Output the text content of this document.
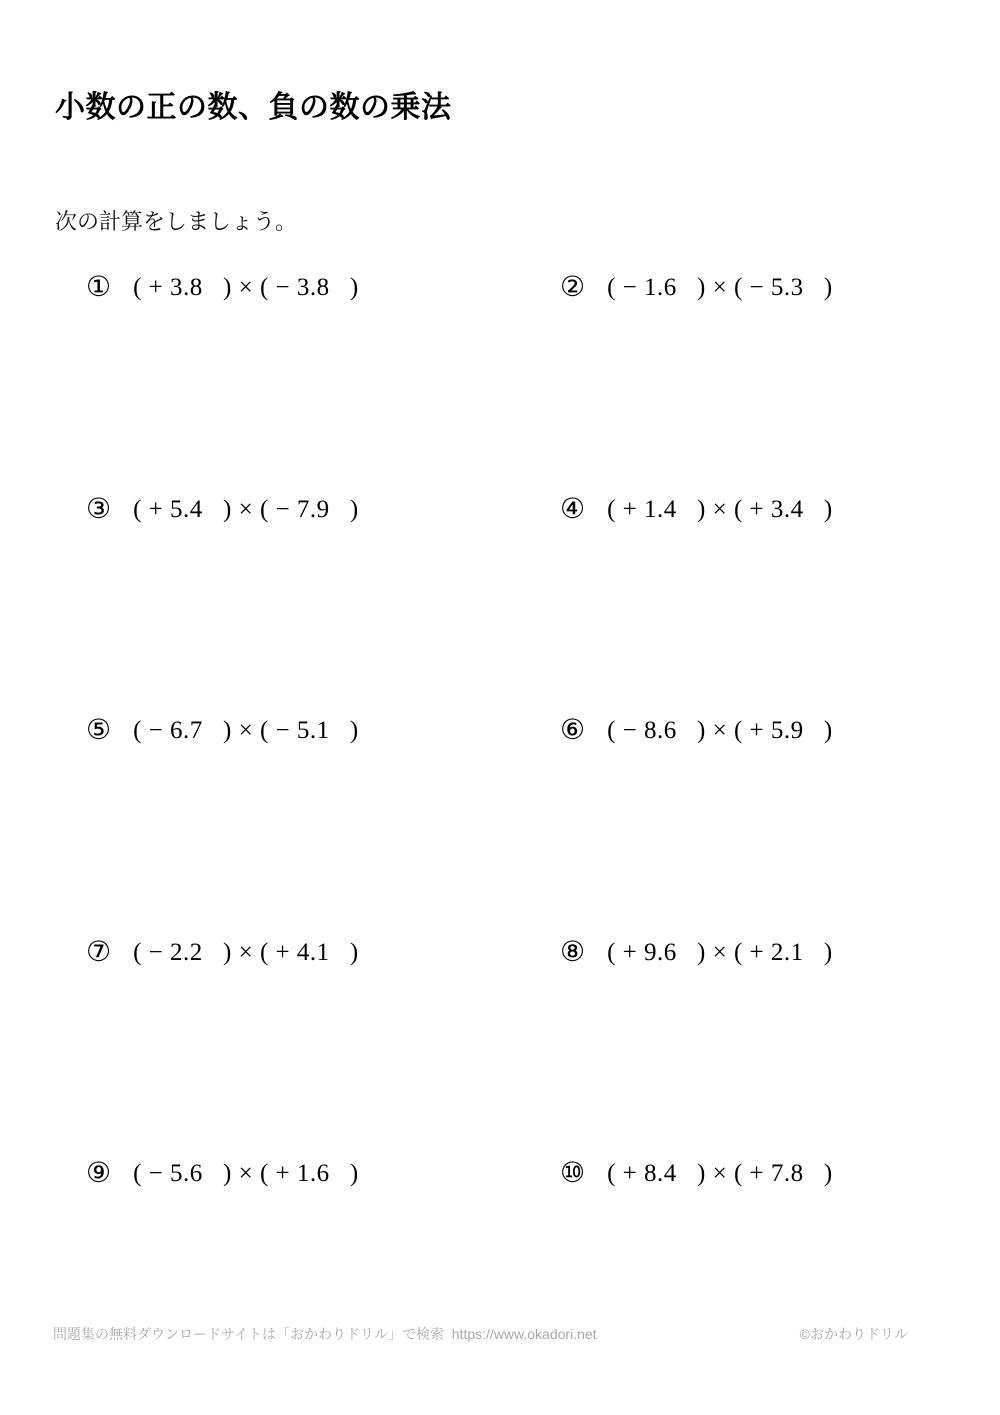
小数の正の数、負の数の乗法
次の計算をしましょう。
① ( + 3.8   ) × ( − 3.8   )	② ( − 1.6   ) × ( − 5.3   )
③ ( + 5.4   ) × ( − 7.9   )	④ ( + 1.4   ) × ( + 3.4   )
⑤ ( − 6.7   ) × ( − 5.1   )	⑥ ( − 8.6   ) × ( + 5.9   )
⑦ ( − 2.2   ) × ( + 4.1   )	⑧ ( + 9.6   ) × ( + 2.1   )
⑨ ( − 5.6   ) × ( + 1.6   )	⑩ ( + 8.4   ) × ( + 7.8   )
問題集の無料ダウンロードサイトは「おかわりドリル」で検索  https://www.okadori.net	©おかわりドリル
